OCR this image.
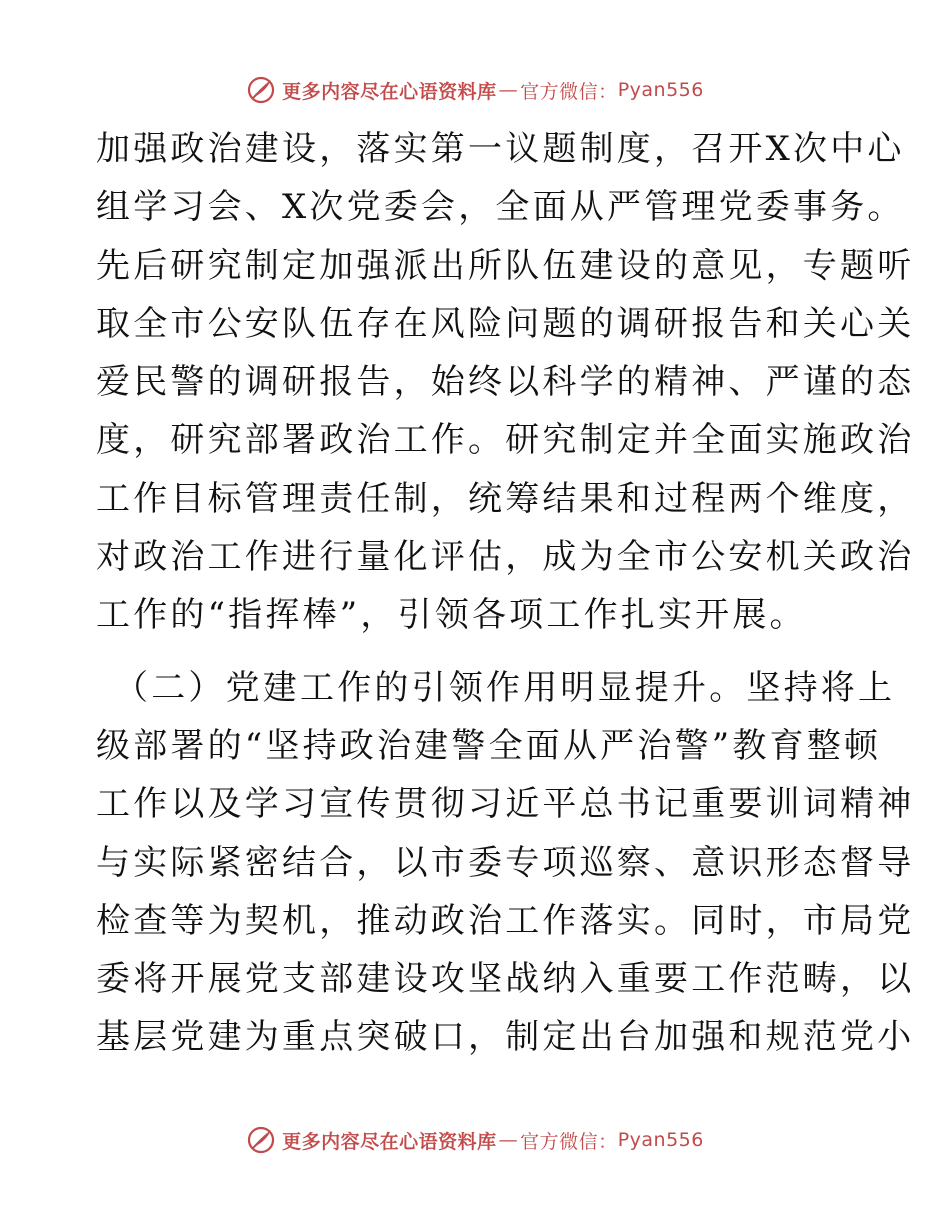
更多内容尽在心语资料库 — 官方微信： Pyan556
加强政治建设，落实第一议题制度，召开X次中心
组学习会、X次党委会，全面从严管理党委事务。
先后研究制定加强派出所队伍建设的意见，专题听
取全市公安队伍存在风险问题的调研报告和关心关
爱民警的调研报告，始终以科学的精神、严谨的态
度，研究部署政治工作。研究制定并全面实施政治
工作目标管理责任制，统筹结果和过程两个维度，
对政治工作进行量化评估，成为全市公安机关政治
工作的“指挥棒”，引领各项工作扎实开展。
（二）党建工作的引领作用明显提升。坚持将上
级部署的“坚持政治建警全面从严治警”教育整顿
工作以及学习宣传贯彻习近平总书记重要训词精神
与实际紧密结合，以市委专项巡察、意识形态督导
检查等为契机，推动政治工作落实。同时，市局党
委将开展党支部建设攻坚战纳入重要工作范畴，以
基层党建为重点突破口，制定出台加强和规范党小
更多内容尽在心语资料库 — 官方微信： Pyan556
